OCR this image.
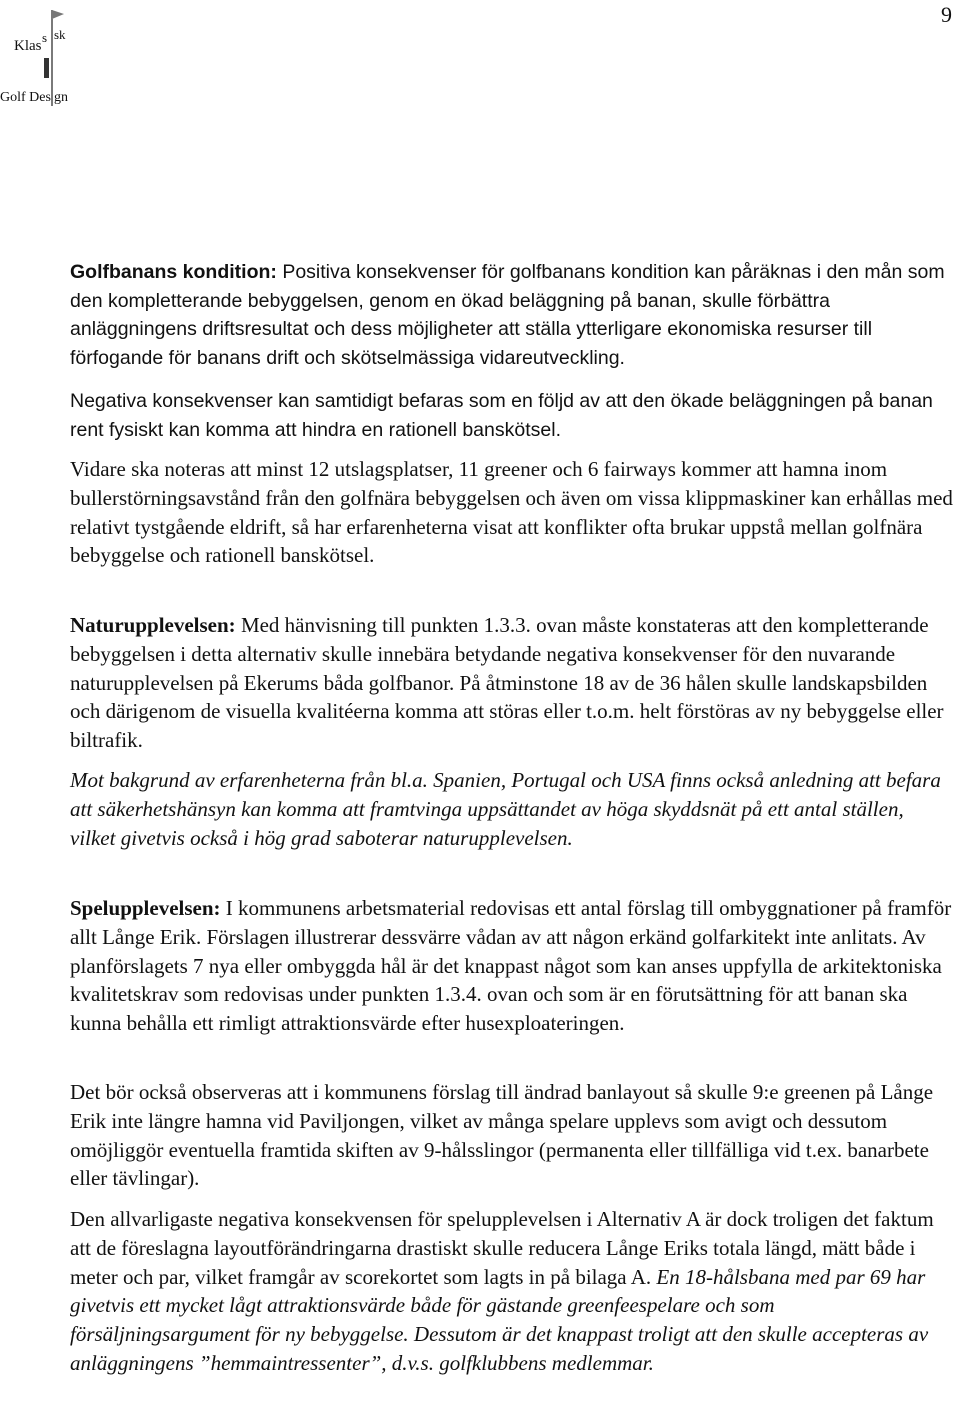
9
Klas
s sk
Golf Des gn

Golfbanans kondition: Positiva konsekvenser för golfbanans kondition kan påräknas i den mån som den kompletterande bebyggelsen, genom en ökad beläggning på banan, skulle förbättra anläggningens driftsresultat och dess möjligheter att ställa ytterligare ekonomiska resurser till förfogande för banans drift och skötselmässiga vidareutveckling.

Negativa konsekvenser kan samtidigt befaras som en följd av att den ökade beläggningen på banan rent fysiskt kan komma att hindra en rationell banskötsel.

Vidare ska noteras att minst 12 utslagsplatser, 11 greener och 6 fairways kommer att hamna inom bullerstörningsavstånd från den golfnära bebyggelsen och även om vissa klippmaskiner kan erhållas med relativt tystgående eldrift, så har erfarenheterna visat att konflikter ofta brukar uppstå mellan golfnära bebyggelse och rationell banskötsel.

Naturupplevelsen: Med hänvisning till punkten 1.3.3. ovan måste konstateras att den kompletterande bebyggelsen i detta alternativ skulle innebära betydande negativa konsekvenser för den nuvarande naturupplevelsen på Ekerums båda golfbanor. På åtminstone 18 av de 36 hålen skulle landskapsbilden och därigenom de visuella kvalitéerna komma att störas eller t.o.m. helt förstöras av ny bebyggelse eller biltrafik.

Mot bakgrund av erfarenheterna från bl.a. Spanien, Portugal och USA finns också anledning att befara att säkerhetshänsyn kan komma att framtvinga uppsättandet av höga skyddsnät på ett antal ställen, vilket givetvis också i hög grad saboterar naturupplevelsen.

Spelupplevelsen: I kommunens arbetsmaterial redovisas ett antal förslag till ombyggnationer på framför allt Långe Erik. Förslagen illustrerar dessvärre vådan av att någon erkänd golfarkitekt inte anlitats. Av planförslagets 7 nya eller ombyggda hål är det knappast något som kan anses uppfylla de arkitektoniska kvalitetskrav som redovisas under punkten 1.3.4. ovan och som är en förutsättning för att banan ska kunna behålla ett rimligt attraktionsvärde efter husexploateringen.

Det bör också observeras att i kommunens förslag till ändrad banlayout så skulle 9:e greenen på Långe Erik inte längre hamna vid Paviljongen, vilket av många spelare upplevs som avigt och dessutom omöjliggör eventuella framtida skiften av 9-hålsslingor (permanenta eller tillfälliga vid t.ex. banarbete eller tävlingar).

Den allvarligaste negativa konsekvensen för spelupplevelsen i Alternativ A är dock troligen det faktum att de föreslagna layoutförändringarna drastiskt skulle reducera Långe Eriks totala längd, mätt både i meter och par, vilket framgår av scorekortet som lagts in på bilaga A. En 18-hålsbana med par 69 har givetvis ett mycket lågt attraktionsvärde både för gästande greenfeespelare och som försäljningsargument för ny bebyggelse. Dessutom är det knappast troligt att den skulle accepteras av anläggningens ”hemmaintressenter”, d.v.s. golfklubbens medlemmar.
